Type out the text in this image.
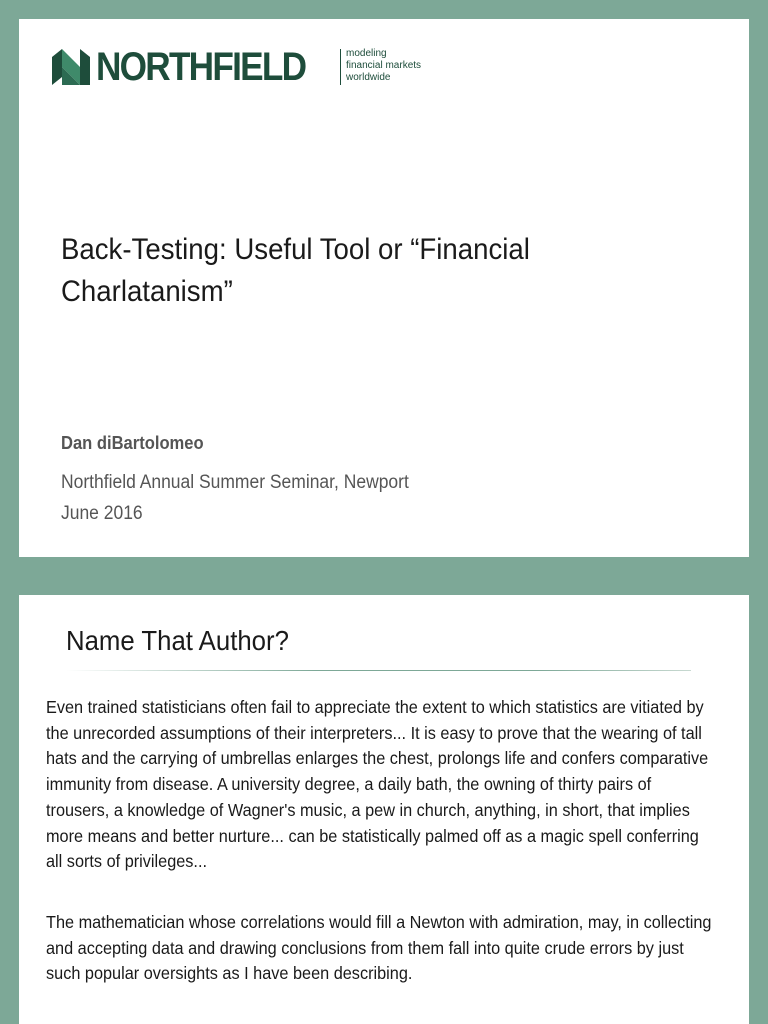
NORTHFIELD	modeling
financial markets
worldwide
Back-Testing: Useful Tool or “Financial Charlatanism”
Dan diBartolomeo
Northfield Annual Summer Seminar, Newport
June 2016
Name That Author?

Even trained statisticians often fail to appreciate the extent to which statistics are vitiated by the unrecorded assumptions of their interpreters... It is easy to prove that the wearing of tall hats and the carrying of umbrellas enlarges the chest, prolongs life and confers comparative immunity from disease. A university degree, a daily bath, the owning of thirty pairs of trousers, a knowledge of Wagner's music, a pew in church, anything, in short, that implies more means and better nurture... can be statistically palmed off as a magic spell conferring all sorts of privileges...

The mathematician whose correlations would fill a Newton with admiration, may, in collecting and accepting data and drawing conclusions from them fall into quite crude errors by just such popular oversights as I have been describing.
